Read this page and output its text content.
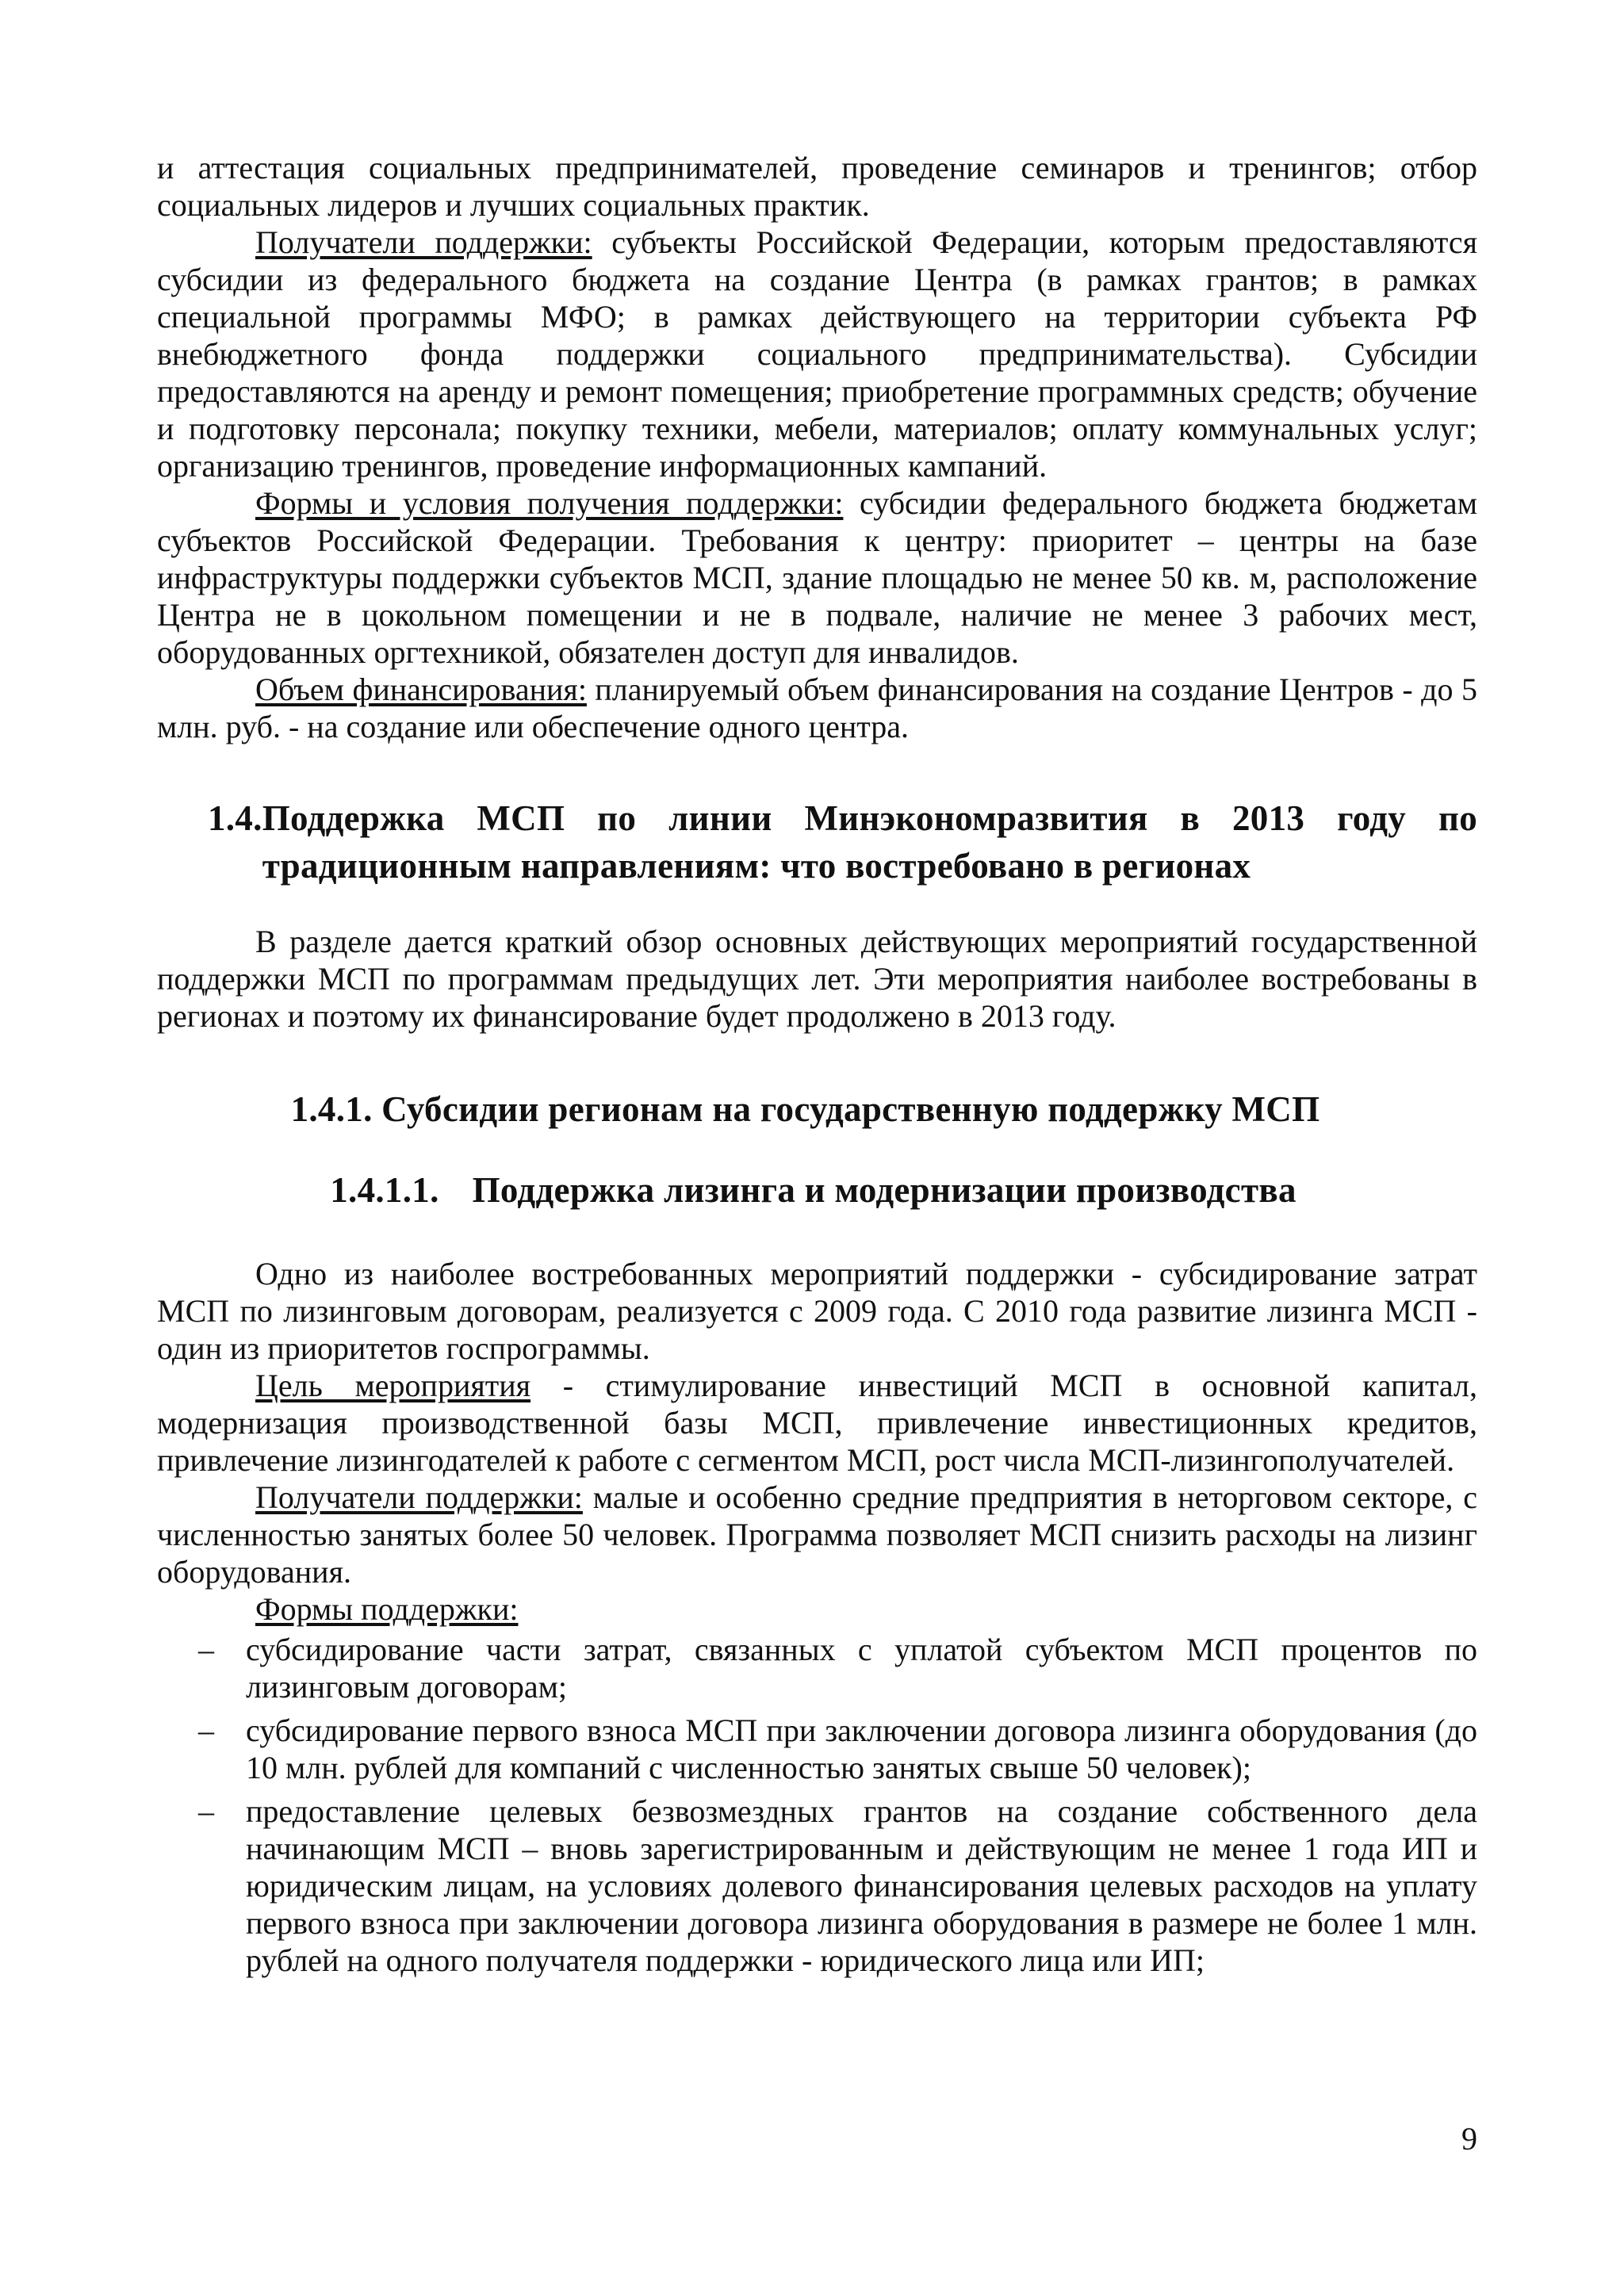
и аттестация социальных предпринимателей, проведение семинаров и тренингов; отбор социальных лидеров и лучших социальных практик.

Получатели поддержки: субъекты Российской Федерации, которым предоставляются субсидии из федерального бюджета на создание Центра (в рамках грантов; в рамках специальной программы МФО; в рамках действующего на территории субъекта РФ внебюджетного фонда поддержки социального предпринимательства). Субсидии предоставляются на аренду и ремонт помещения; приобретение программных средств; обучение и подготовку персонала; покупку техники, мебели, материалов; оплату коммунальных услуг; организацию тренингов, проведение информационных кампаний.

Формы и условия получения поддержки: субсидии федерального бюджета бюджетам субъектов Российской Федерации. Требования к центру: приоритет – центры на базе инфраструктуры поддержки субъектов МСП, здание площадью не менее 50 кв. м, расположение Центра не в цокольном помещении и не в подвале, наличие не менее 3 рабочих мест, оборудованных оргтехникой, обязателен доступ для инвалидов.

Объем финансирования: планируемый объем финансирования на создание Центров - до 5 млн. руб. - на создание или обеспечение одного центра.

1.4. Поддержка МСП по линии Минэкономразвития в 2013 году по традиционным направлениям: что востребовано в регионах

В разделе дается краткий обзор основных действующих мероприятий государственной поддержки МСП по программам предыдущих лет. Эти мероприятия наиболее востребованы в регионах и поэтому их финансирование будет продолжено в 2013 году.

1.4.1. Субсидии регионам на государственную поддержку МСП
1.4.1.1. Поддержка лизинга и модернизации производства

Одно из наиболее востребованных мероприятий поддержки - субсидирование затрат МСП по лизинговым договорам, реализуется с 2009 года. С 2010 года развитие лизинга МСП - один из приоритетов госпрограммы.

Цель мероприятия - стимулирование инвестиций МСП в основной капитал, модернизация производственной базы МСП, привлечение инвестиционных кредитов, привлечение лизингодателей к работе с сегментом МСП, рост числа МСП-лизингополучателей.

Получатели поддержки: малые и особенно средние предприятия в неторговом секторе, с численностью занятых более 50 человек. Программа позволяет МСП снизить расходы на лизинг оборудования.

Формы поддержки:

– субсидирование части затрат, связанных с уплатой субъектом МСП процентов по лизинговым договорам;
– субсидирование первого взноса МСП при заключении договора лизинга оборудования (до 10 млн. рублей для компаний с численностью занятых свыше 50 человек);
– предоставление целевых безвозмездных грантов на создание собственного дела начинающим МСП – вновь зарегистрированным и действующим не менее 1 года ИП и юридическим лицам, на условиях долевого финансирования целевых расходов на уплату первого взноса при заключении договора лизинга оборудования в размере не более 1 млн. рублей на одного получателя поддержки - юридического лица или ИП;
9
